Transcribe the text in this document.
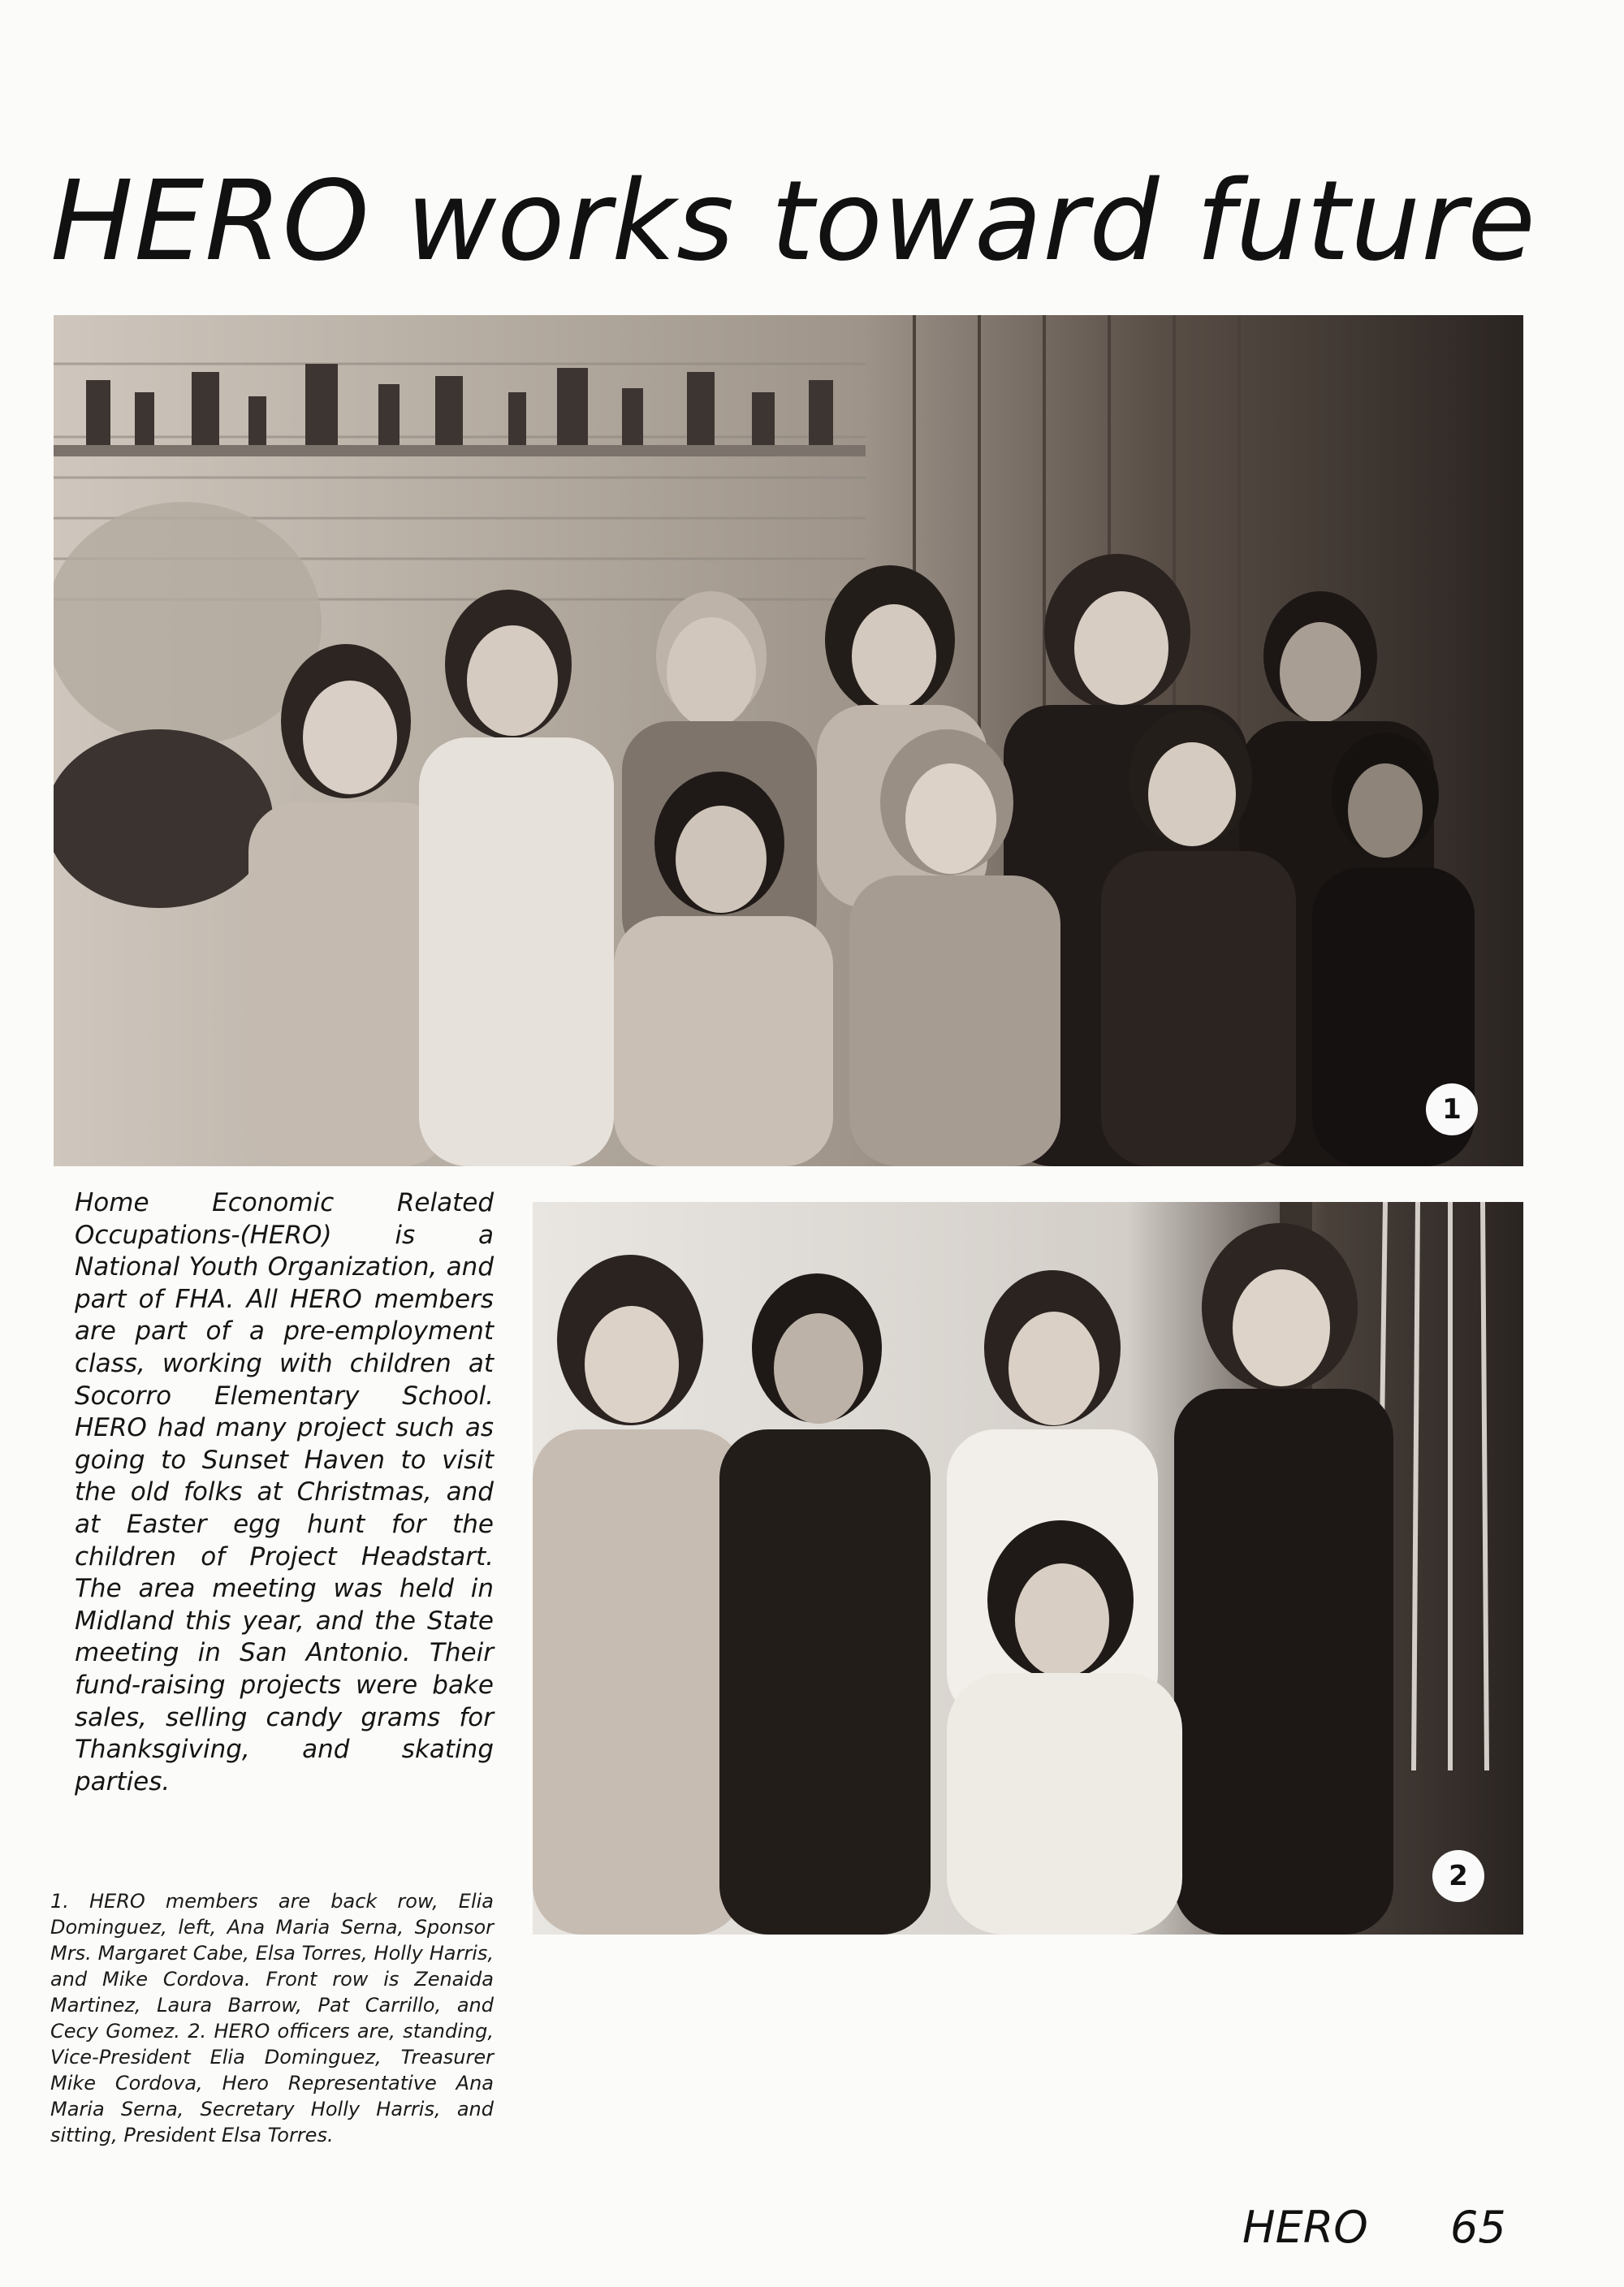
HERO works toward future
1
2
Home Economic Related Occupations-(HERO) is a National Youth Organization, and part of FHA. All HERO members are part of a pre-employment class, working with children at Socorro Elementary School. HERO had many project such as going to Sunset Haven to visit the old folks at Christmas, and at Easter egg hunt for the children of Project Headstart. The area meeting was held in Midland this year, and the State meeting in San Antonio. Their fund-raising projects were bake sales, selling candy grams for Thanksgiving, and skating parties.
1. HERO members are back row, Elia Dominguez, left, Ana Maria Serna, Sponsor Mrs. Margaret Cabe, Elsa Torres, Holly Harris, and Mike Cordova. Front row is Zenaida Martinez, Laura Barrow, Pat Carrillo, and Cecy Gomez. 2. HERO officers are, standing, Vice-President Elia Dominguez, Treasurer Mike Cordova, Hero Representative Ana Maria Serna, Secretary Holly Harris, and sitting, President Elsa Torres.
HERO 65
